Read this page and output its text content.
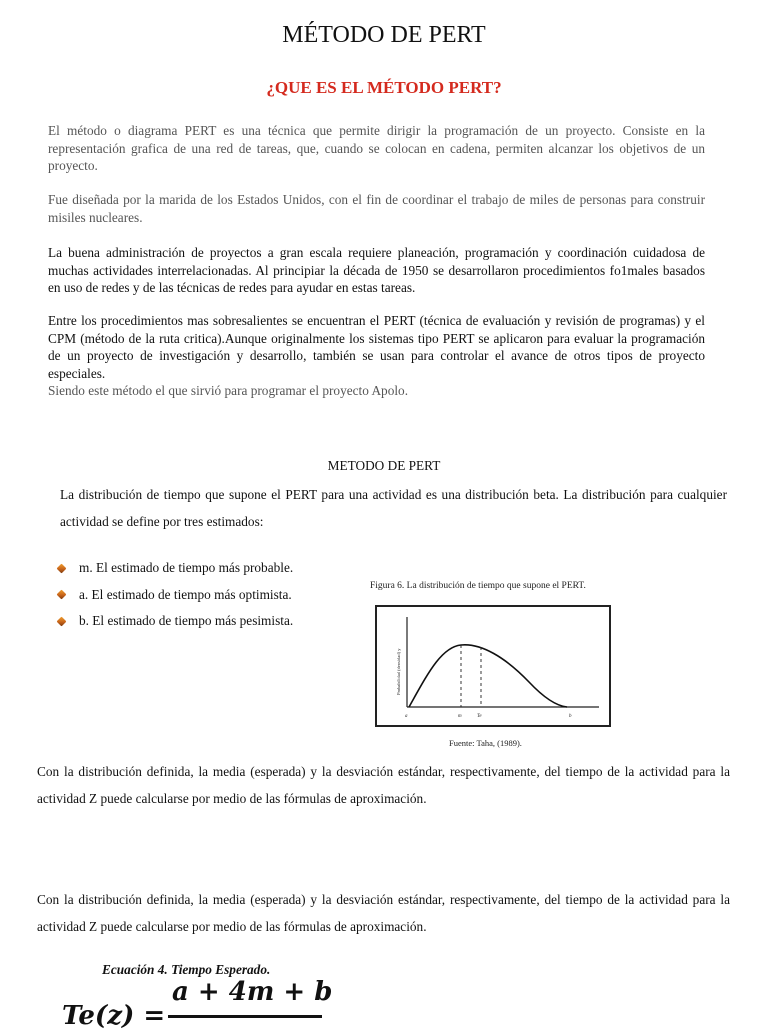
MÉTODO DE PERT
¿QUE ES EL MÉTODO PERT?

El método o diagrama PERT es una técnica que permite dirigir la programación de un proyecto. Consiste en la representación grafica de una red de tareas, que, cuando se colocan en cadena, permiten alcanzar los objetivos de un proyecto.

Fue diseñada por la marida de los Estados Unidos, con el fin de coordinar el trabajo de miles de personas para construir misiles nucleares.

La buena administración de proyectos a gran escala requiere planeación, programación y coordinación cuidadosa de muchas actividades interrelacionadas. Al principiar la década de 1950 se desarrollaron procedimientos fo1males basados en uso de redes y de las técnicas de redes para ayudar en estas tareas.

Entre los procedimientos mas sobresalientes se encuentran el PERT (técnica de evaluación y revisión de programas) y el CPM (método de la ruta critica).Aunque originalmente los sistemas tipo PERT se aplicaron para evaluar la programación de un proyecto de investigación y desarrollo, también se usan para controlar el avance de otros tipos de proyecto especiales.

Siendo este método el que sirvió para programar el proyecto Apolo.

METODO DE PERT

La distribución de tiempo que supone el PERT para una actividad es una distribución beta. La distribución para cualquier actividad se define por tres estimados:

m. El estimado de tiempo más probable.
a. El estimado de tiempo más optimista.
b. El estimado de tiempo más pesimista.

Figura 6. La distribución de tiempo que supone el PERT.

Probabilidad (densidad) y
a	m	Te	b

Fuente: Taha, (1989).

Con la distribución definida, la media (esperada) y la desviación estándar, respectivamente, del tiempo de la actividad para la actividad Z puede calcularse por medio de las fórmulas de aproximación.

Con la distribución definida, la media (esperada) y la desviación estándar, respectivamente, del tiempo de la actividad para la actividad Z puede calcularse por medio de las fórmulas de aproximación.

Ecuación 4. Tiempo Esperado.

Te(z) =
a + 4m + b
